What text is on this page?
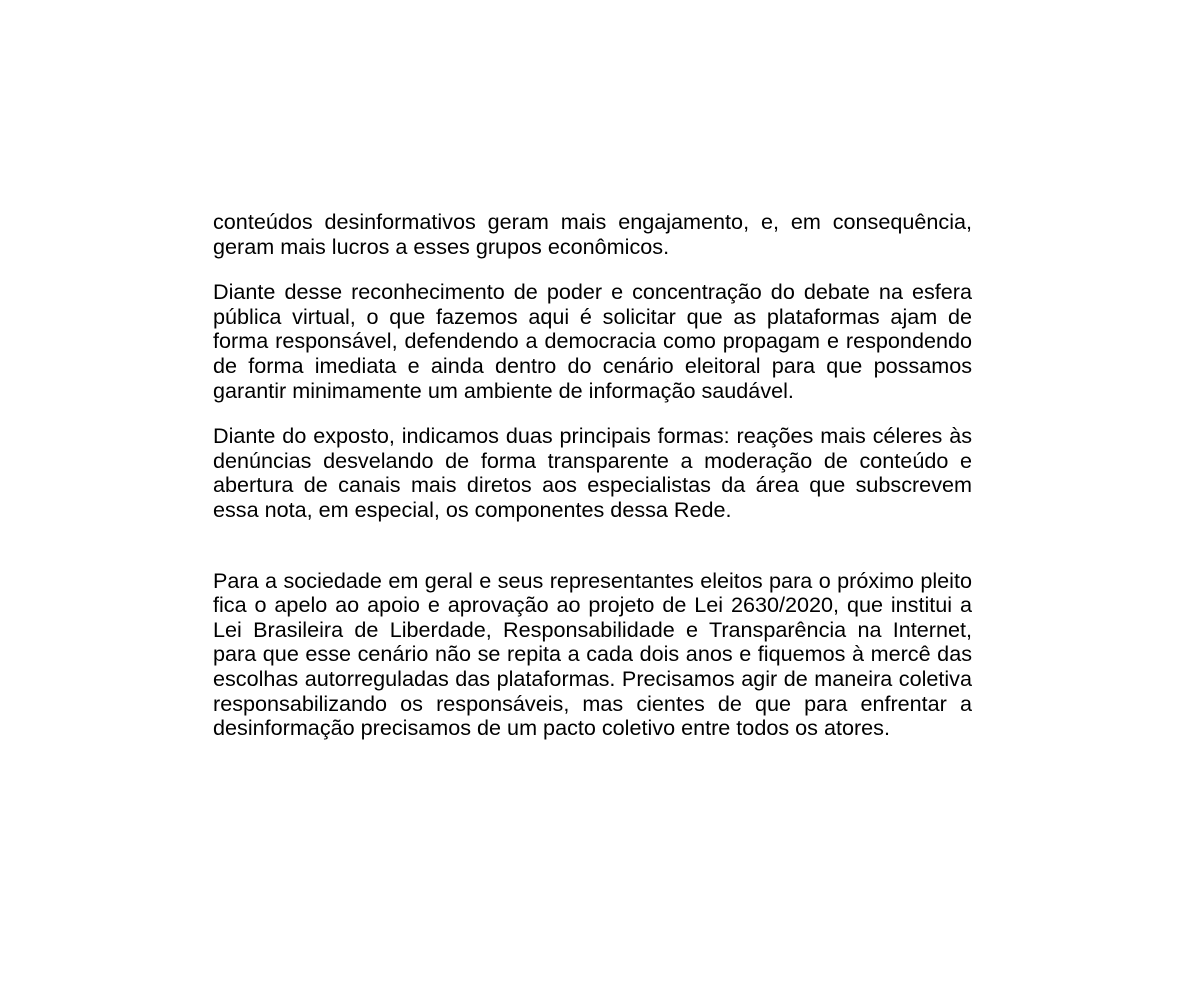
conteúdos desinformativos geram mais engajamento, e, em consequência, geram mais lucros a esses grupos econômicos.

Diante desse reconhecimento de poder e concentração do debate na esfera pública virtual, o que fazemos aqui é solicitar que as plataformas ajam de forma responsável, defendendo a democracia como propagam e respondendo de forma imediata e ainda dentro do cenário eleitoral para que possamos garantir minimamente um ambiente de informação saudável.

Diante do exposto, indicamos duas principais formas: reações mais céleres às denúncias desvelando de forma transparente a moderação de conteúdo e abertura de canais mais diretos aos especialistas da área que subscrevem essa nota, em especial, os componentes dessa Rede.

Para a sociedade em geral e seus representantes eleitos para o próximo pleito fica o apelo ao apoio e aprovação ao projeto de Lei 2630/2020, que institui a Lei Brasileira de Liberdade, Responsabilidade e Transparência na Internet, para que esse cenário não se repita a cada dois anos e fiquemos à mercê das escolhas autorreguladas das plataformas. Precisamos agir de maneira coletiva responsabilizando os responsáveis, mas cientes de que para enfrentar a desinformação precisamos de um pacto coletivo entre todos os atores.
